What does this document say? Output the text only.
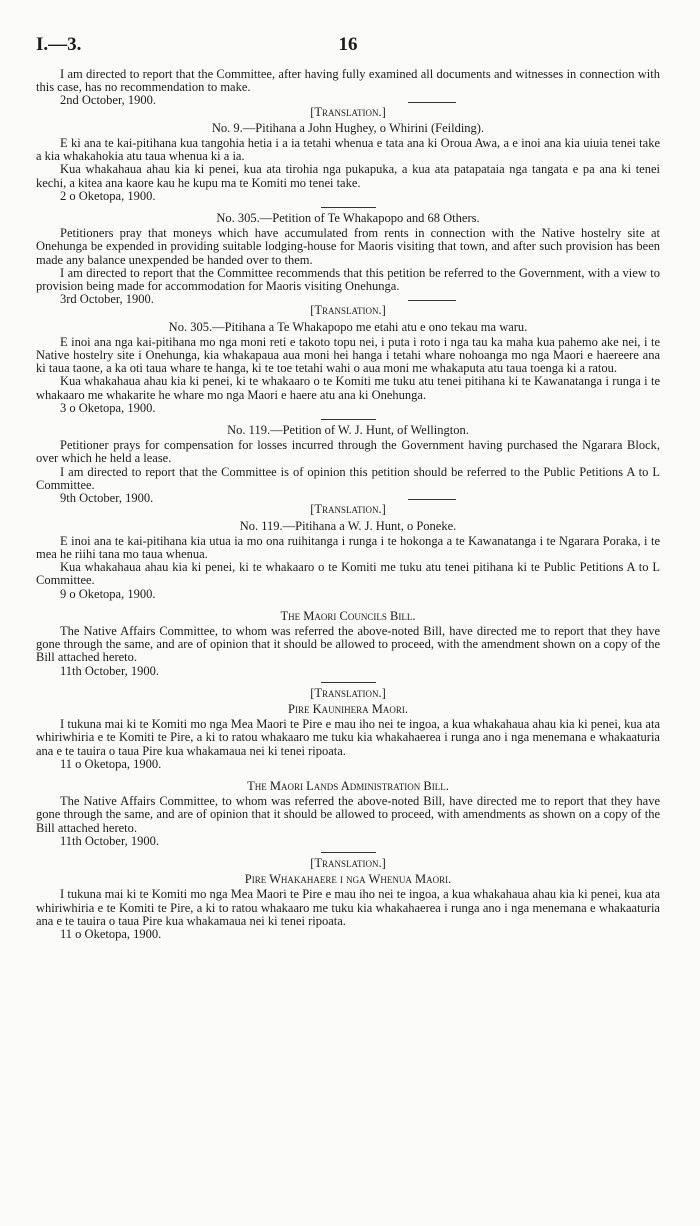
I.—3.	16

I am directed to report that the Committee, after having fully examined all documents and witnesses in connection with this case, has no recommendation to make.

2nd October, 1900.

[Translation.]
No. 9.—Pitihana a John Hughey, o Whirini (Feilding).

E ki ana te kai-pitihana kua tangohia hetia i a ia tetahi whenua e tata ana ki Oroua Awa, a e inoi ana kia uiuia tenei take a kia whakahokia atu taua whenua ki a ia.

Kua whakahaua ahau kia ki penei, kua ata tirohia nga pukapuka, a kua ata patapataia nga tangata e pa ana ki tenei kechi, a kitea ana kaore kau he kupu ma te Komiti mo tenei take.

2 o Oketopa, 1900.

No. 305.—Petition of Te Whakapopo and 68 Others.

Petitioners pray that moneys which have accumulated from rents in connection with the Native hostelry site at Onehunga be expended in providing suitable lodging-house for Maoris visiting that town, and after such provision has been made any balance unexpended be handed over to them.

I am directed to report that the Committee recommends that this petition be referred to the Government, with a view to provision being made for accommodation for Maoris visiting Onehunga.

3rd October, 1900.

[Translation.]
No. 305.—Pitihana a Te Whakapopo me etahi atu e ono tekau ma waru.

E inoi ana nga kai-pitihana mo nga moni reti e takoto topu nei, i puta i roto i nga tau ka maha kua pahemo ake nei, i te Native hostelry site i Onehunga, kia whakapaua aua moni hei hanga i tetahi whare nohoanga mo nga Maori e haereere ana ki taua taone, a ka oti taua whare te hanga, ki te toe tetahi wahi o aua moni me whakaputa atu taua toenga ki a ratou.

Kua whakahaua ahau kia ki penei, ki te whakaaro o te Komiti me tuku atu tenei pitihana ki te Kawanatanga i runga i te whakaaro me whakarite he whare mo nga Maori e haere atu ana ki Onehunga.

3 o Oketopa, 1900.

No. 119.—Petition of W. J. Hunt, of Wellington.

Petitioner prays for compensation for losses incurred through the Government having purchased the Ngarara Block, over which he held a lease.

I am directed to report that the Committee is of opinion this petition should be referred to the Public Petitions A to L Committee.

9th October, 1900.

[Translation.]
No. 119.—Pitihana a W. J. Hunt, o Poneke.

E inoi ana te kai-pitihana kia utua ia mo ona ruihitanga i runga i te hokonga a te Kawanatanga i te Ngarara Poraka, i te mea he riihi tana mo taua whenua.

Kua whakahaua ahau kia ki penei, ki te whakaaro o te Komiti me tuku atu tenei pitihana ki te Public Petitions A to L Committee.

9 o Oketopa, 1900.

The Maori Councils Bill.

The Native Affairs Committee, to whom was referred the above-noted Bill, have directed me to report that they have gone through the same, and are of opinion that it should be allowed to proceed, with the amendment shown on a copy of the Bill attached hereto.

11th October, 1900.

[Translation.]
Pire Kaunihera Maori.

I tukuna mai ki te Komiti mo nga Mea Maori te Pire e mau iho nei te ingoa, a kua whakahaua ahau kia ki penei, kua ata whiriwhiria e te Komiti te Pire, a ki to ratou whakaaro me tuku kia whakahaerea i runga ano i nga menemana e whakaaturia ana e te tauira o taua Pire kua whakamaua nei ki tenei ripoata.

11 o Oketopa, 1900.

The Maori Lands Administration Bill.

The Native Affairs Committee, to whom was referred the above-noted Bill, have directed me to report that they have gone through the same, and are of opinion that it should be allowed to proceed, with amendments as shown on a copy of the Bill attached hereto.

11th October, 1900.

[Translation.]
Pire Whakahaere i nga Whenua Maori.

I tukuna mai ki te Komiti mo nga Mea Maori te Pire e mau iho nei te ingoa, a kua whakahaua ahau kia ki penei, kua ata whiriwhiria e te Komiti te Pire, a ki to ratou whakaaro me tuku kia whakahaerea i runga ano i nga menemana e whakaaturia ana e te tauira o taua Pire kua whakamaua nei ki tenei ripoata.

11 o Oketopa, 1900.
